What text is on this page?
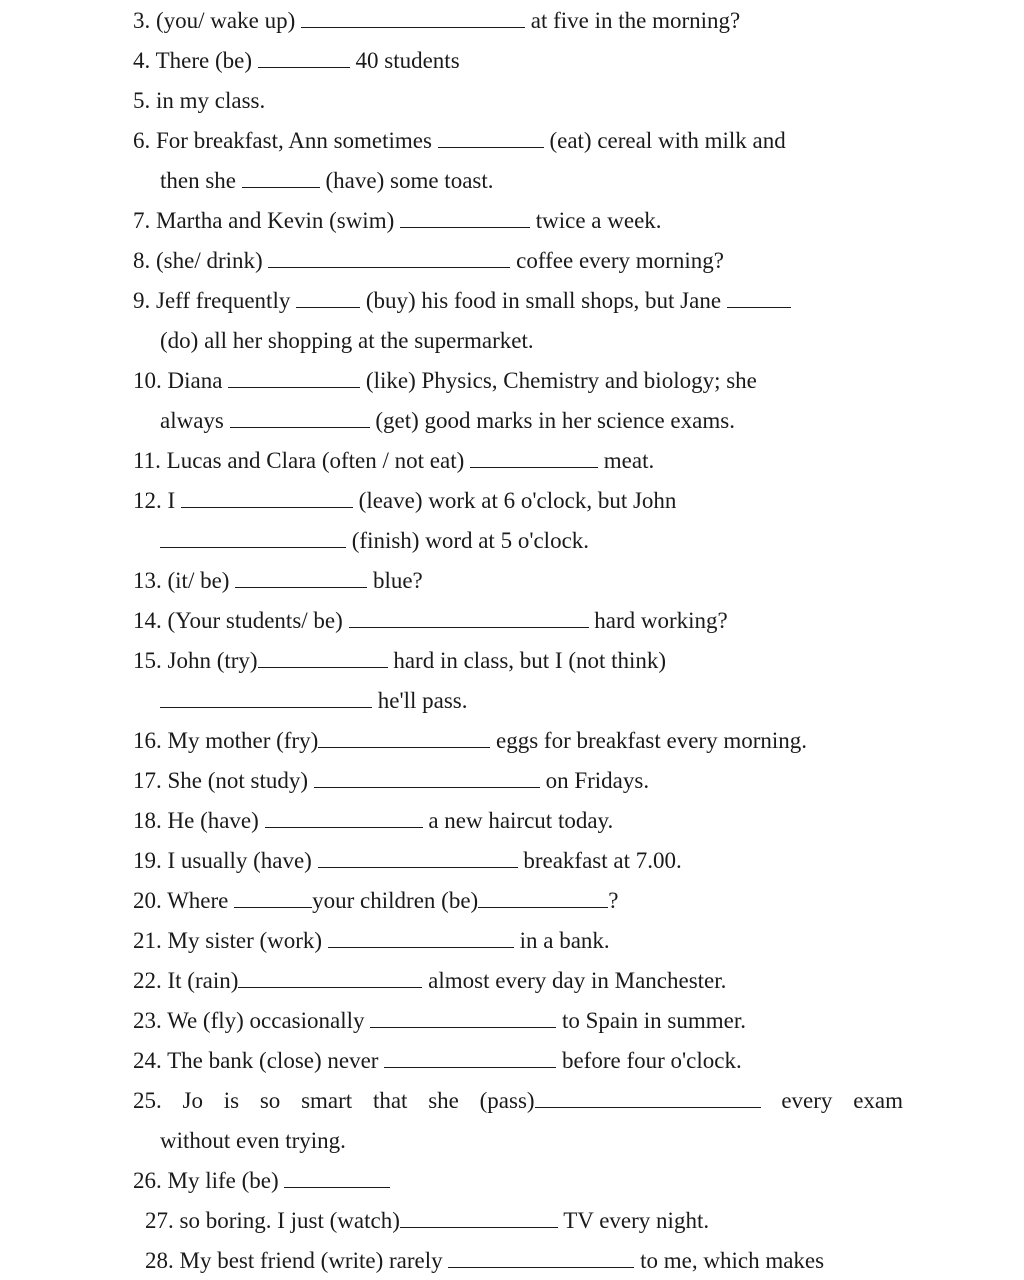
3. (you/ wake up)	at five in the morning?
4. There (be)	40 students
5. in my class.
6. For breakfast, Ann sometimes	(eat) cereal with milk and
then she	(have) some toast.
7. Martha and Kevin (swim)	twice a week.
8. (she/ drink)	coffee every morning?
9. Jeff frequently	(buy) his food in small shops, but Jane
(do) all her shopping at the supermarket.
10. Diana	(like) Physics, Chemistry and biology; she
always	(get) good marks in her science exams.
11. Lucas and Clara (often / not eat)	meat.
12. I	(leave) work at 6 o'clock, but John
(finish) word at 5 o'clock.
13. (it/ be)	blue?
14. (Your students/ be)	hard working?
15. John (try)	hard in class, but I (not think)
he'll pass.
16. My mother (fry)	eggs for breakfast every morning.
17. She (not study)	on Fridays.
18. He (have)	a new haircut today.
19. I usually (have)	breakfast at 7.00.
20. Where	your children (be)	?
21. My sister (work)	in a bank.
22. It (rain)	almost every day in Manchester.
23. We (fly) occasionally	to Spain in summer.
24. The bank (close) never	before four o'clock.
25. Jo is so smart that she (pass)	every exam
without even trying.
26. My life (be)
27. so boring. I just (watch)	TV every night.
28. My best friend (write) rarely	to me, which makes
